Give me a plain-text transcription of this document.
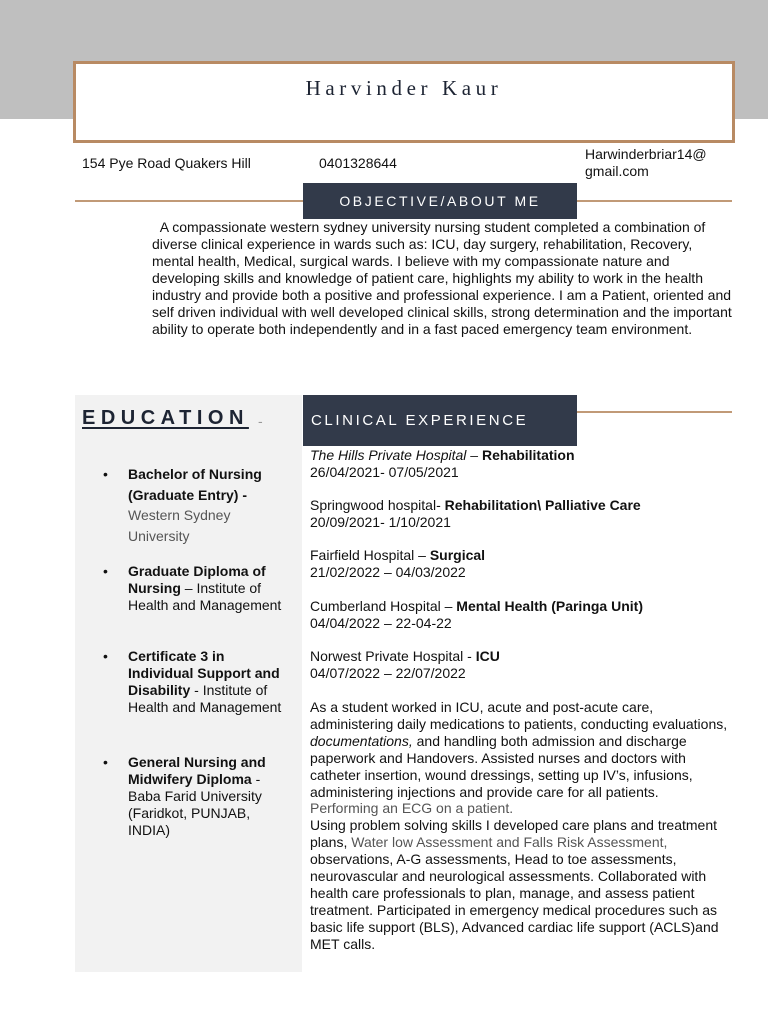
Harvinder Kaur
154 Pye Road Quakers Hill	0401328644
Harwinderbriar14@
gmail.com
OBJECTIVE/ABOUT ME
A compassionate western sydney university nursing student completed a combination of diverse clinical experience in wards such as: ICU, day surgery, rehabilitation, Recovery, mental health, Medical, surgical wards. I believe with my compassionate nature and developing skills and knowledge of patient care, highlights my ability to work in the health industry and provide both a positive and professional experience. I am a Patient, oriented and self driven individual with well developed clinical skills, strong determination and the important ability to operate both independently and in a fast paced emergency team environment.
EDUCATION -
• Bachelor of Nursing (Graduate Entry) - Western Sydney University
• Graduate Diploma of Nursing – Institute of Health and Management
• Certificate 3 in Individual Support and Disability - Institute of Health and Management
• General Nursing and Midwifery Diploma - Baba Farid University (Faridkot, PUNJAB, INDIA)
CLINICAL EXPERIENCE
The Hills Private Hospital – Rehabilitation
26/04/2021- 07/05/2021
Springwood hospital- Rehabilitation\ Palliative Care
20/09/2021- 1/10/2021
Fairfield Hospital – Surgical
21/02/2022 – 04/03/2022
Cumberland Hospital – Mental Health (Paringa Unit)
04/04/2022 – 22-04-22
Norwest Private Hospital - ICU
04/07/2022 – 22/07/2022
As a student worked in ICU, acute and post-acute care, administering daily medications to patients, conducting evaluations, documentations, and handling both admission and discharge paperwork and Handovers. Assisted nurses and doctors with catheter insertion, wound dressings, setting up IV’s, infusions, administering injections and provide care for all patients. Performing an ECG on a patient.
Using problem solving skills I developed care plans and treatment plans, Water low Assessment and Falls Risk Assessment, observations, A-G assessments, Head to toe assessments, neurovascular and neurological assessments. Collaborated with health care professionals to plan, manage, and assess patient treatment. Participated in emergency medical procedures such as basic life support (BLS), Advanced cardiac life support (ACLS)and MET calls.
